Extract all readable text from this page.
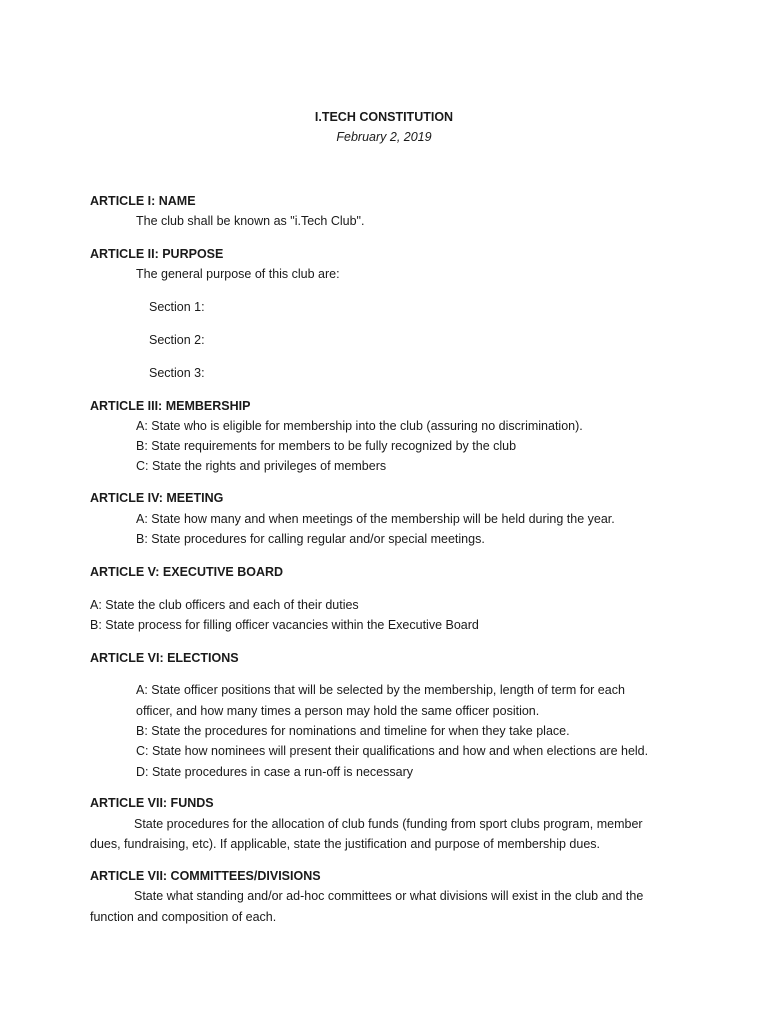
I.TECH CONSTITUTION
February 2, 2019
ARTICLE I: NAME
The club shall be known as "i.Tech Club".
ARTICLE II: PURPOSE
The general purpose of this club are:
Section 1:
Section 2:
Section 3:
ARTICLE III: MEMBERSHIP
A: State who is eligible for membership into the club (assuring no discrimination).
B: State requirements for members to be fully recognized by the club
C: State the rights and privileges of members
ARTICLE IV: MEETING
A: State how many and when meetings of the membership will be held during the year.
B: State procedures for calling regular and/or special meetings.
ARTICLE V: EXECUTIVE BOARD
A: State the club officers and each of their duties
B: State process for filling officer vacancies within the Executive Board
ARTICLE VI: ELECTIONS
A: State officer positions that will be selected by the membership, length of term for each
officer, and how many times a person may hold the same officer position.
B: State the procedures for nominations and timeline for when they take place.
C: State how nominees will present their qualifications and how and when elections are held.
D: State procedures in case a run-off is necessary
ARTICLE VII: FUNDS
State procedures for the allocation of club funds (funding from sport clubs program, member
dues, fundraising, etc). If applicable, state the justification and purpose of membership dues.
ARTICLE VII: COMMITTEES/DIVISIONS
State what standing and/or ad-hoc committees or what divisions will exist in the club and the
function and composition of each.
